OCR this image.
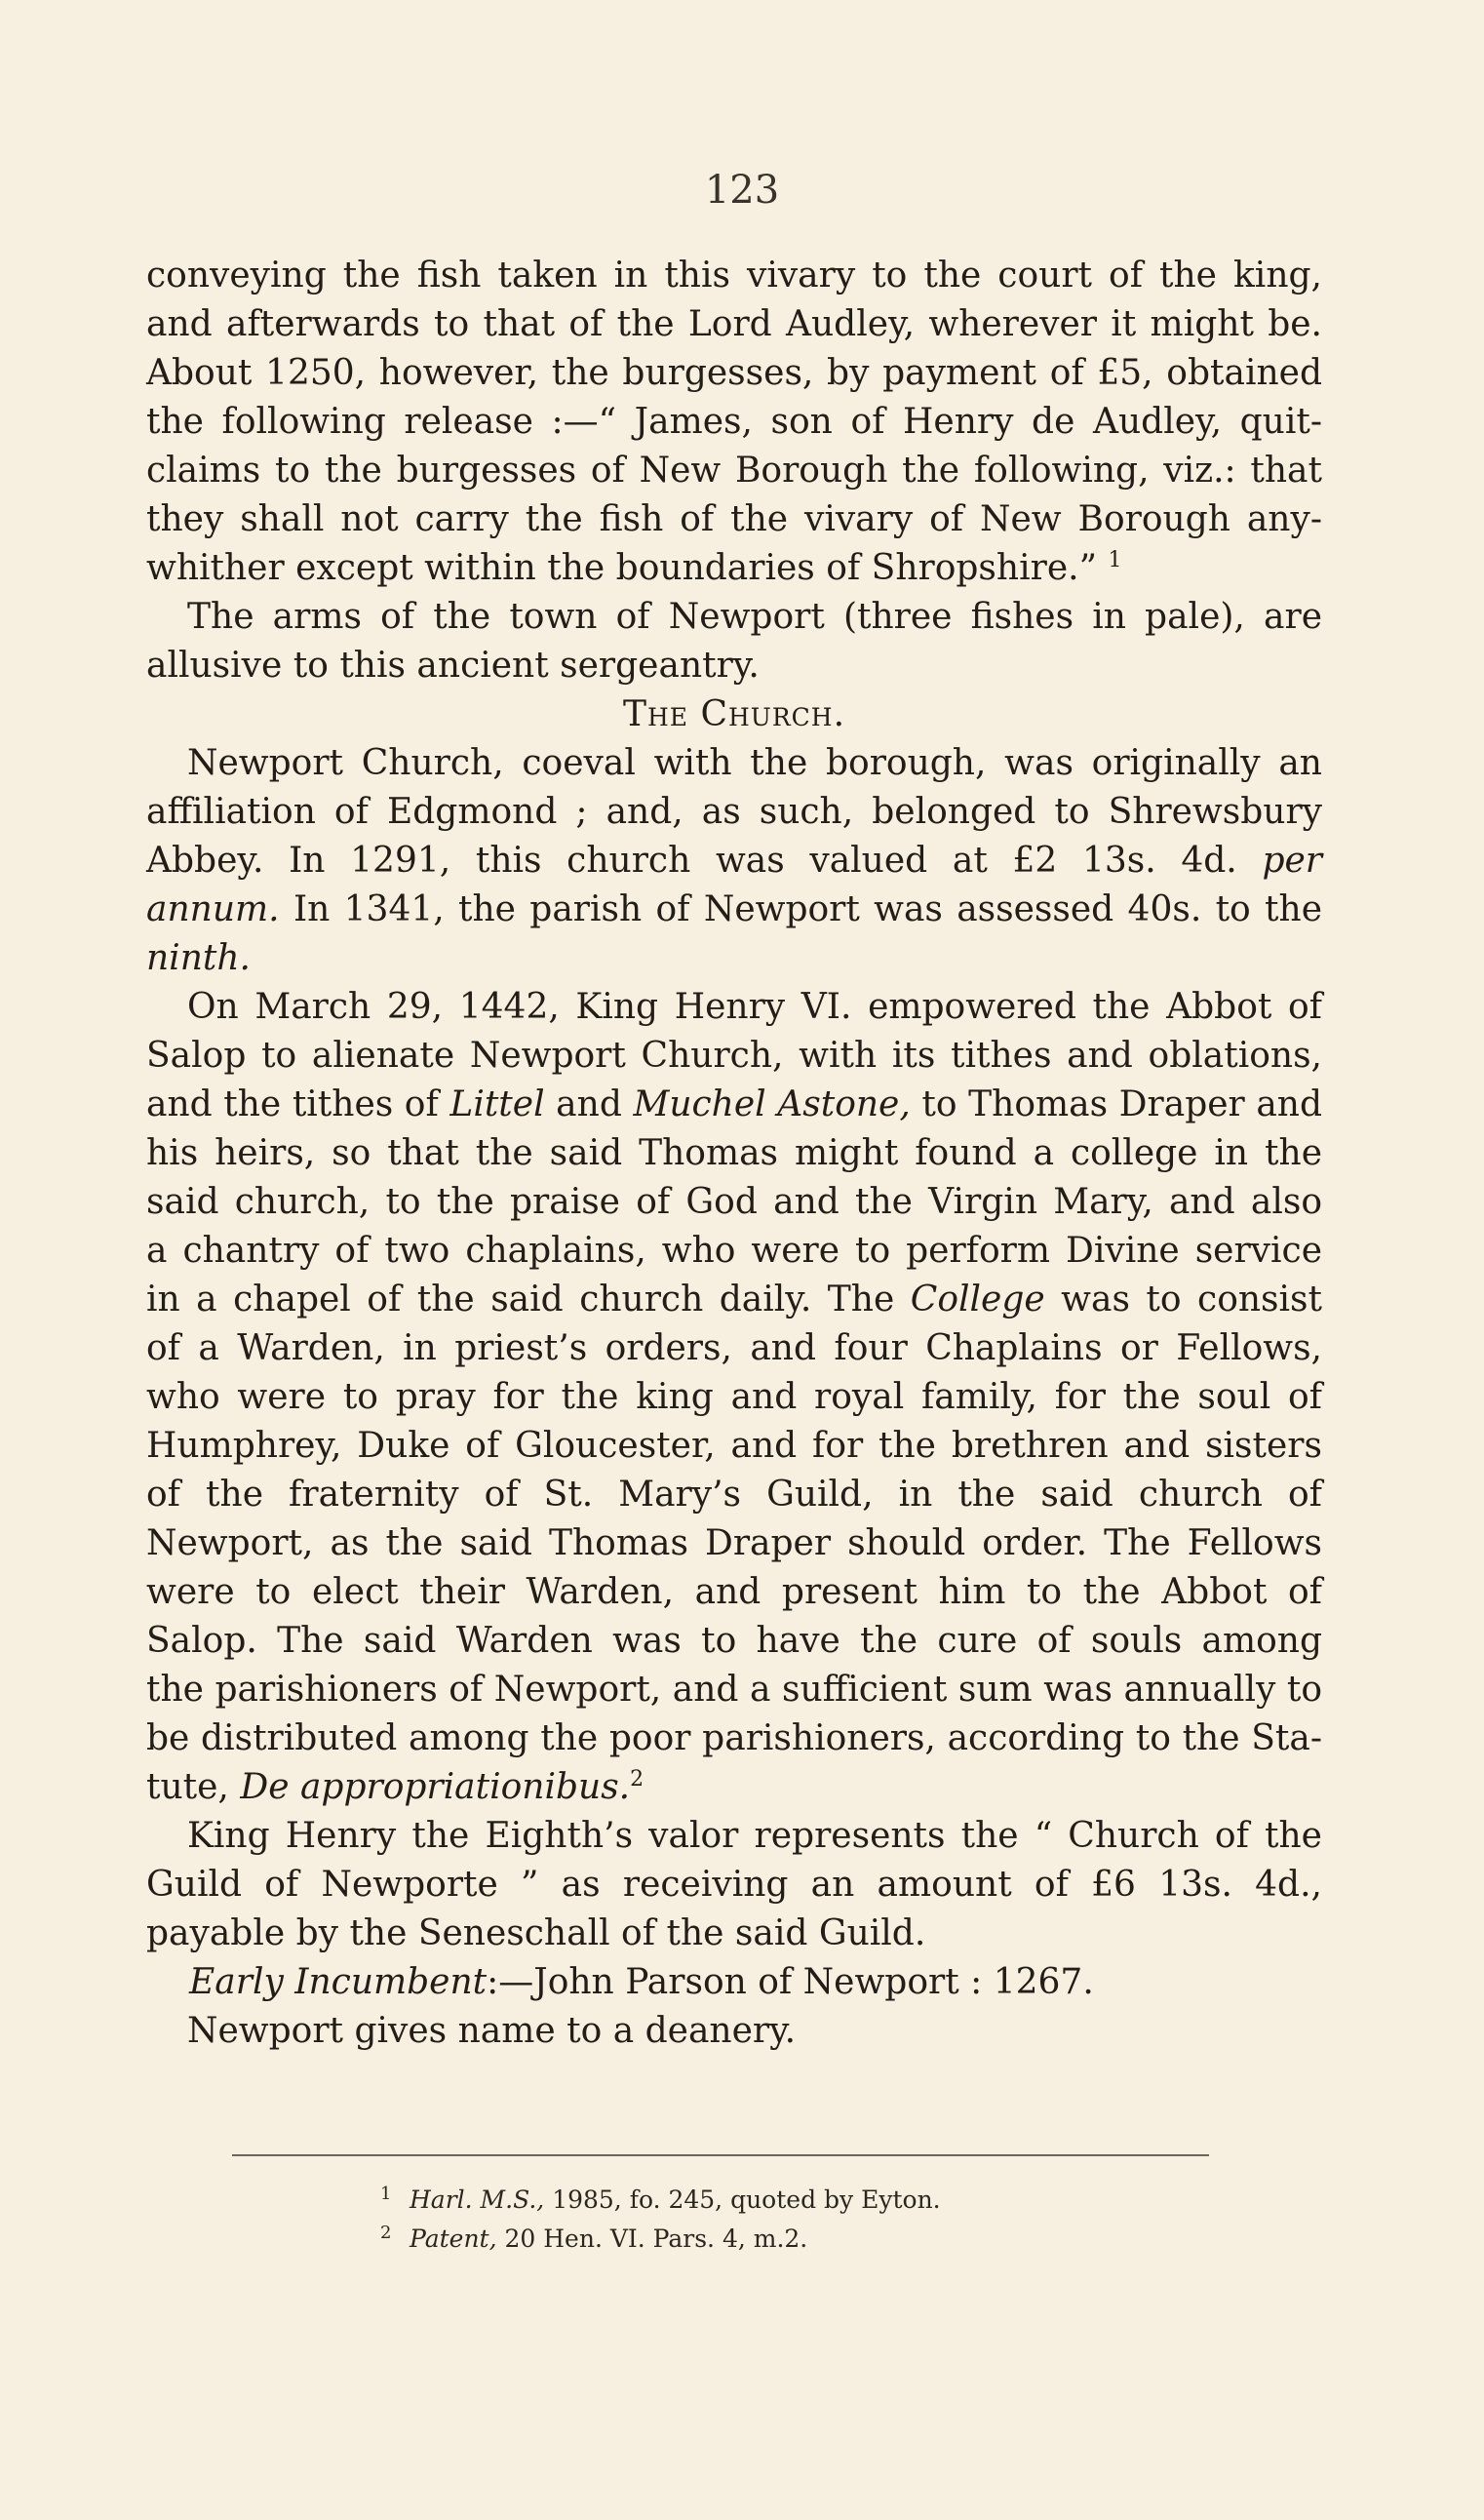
123
conveying the fish taken in this vivary to the court of the king,
and afterwards to that of the Lord Audley, wherever it might be.
About 1250, however, the burgesses, by payment of £5, obtained
the following release :—“ James, son of Henry de Audley, quit-
claims to the burgesses of New Borough the following, viz.: that
they shall not carry the fish of the vivary of New Borough any-
whither except within the boundaries of Shropshire.” $^1$
The arms of the town of Newport (three fishes in pale), are
allusive to this ancient sergeantry.
The Church.
Newport Church, coeval with the borough, was originally an
affiliation of Edgmond ; and, as such, belonged to Shrewsbury
Abbey. In 1291, this church was valued at £2 13s. 4d. per
annum. In 1341, the parish of Newport was assessed 40s. to the
ninth.
On March 29, 1442, King Henry VI. empowered the Abbot of
Salop to alienate Newport Church, with its tithes and oblations,
and the tithes of Littel and Muchel Astone, to Thomas Draper and
his heirs, so that the said Thomas might found a college in the
said church, to the praise of God and the Virgin Mary, and also
a chantry of two chaplains, who were to perform Divine service
in a chapel of the said church daily. The College was to consist
of a Warden, in priest’s orders, and four Chaplains or Fellows,
who were to pray for the king and royal family, for the soul of
Humphrey, Duke of Gloucester, and for the brethren and sisters
of the fraternity of St. Mary’s Guild, in the said church of
Newport, as the said Thomas Draper should order. The Fellows
were to elect their Warden, and present him to the Abbot of
Salop. The said Warden was to have the cure of souls among
the parishioners of Newport, and a sufficient sum was annually to
be distributed among the poor parishioners, according to the Sta-
tute, De appropriationibus.$^2$
King Henry the Eighth’s valor represents the “ Church of the
Guild of Newporte ” as receiving an amount of £6 13s. 4d.,
payable by the Seneschall of the said Guild.
Early Incumbent:—John Parson of Newport : 1267.
Newport gives name to a deanery.
1 Harl. M.S., 1985, fo. 245, quoted by Eyton.
2 Patent, 20 Hen. VI. Pars. 4, m.2.
